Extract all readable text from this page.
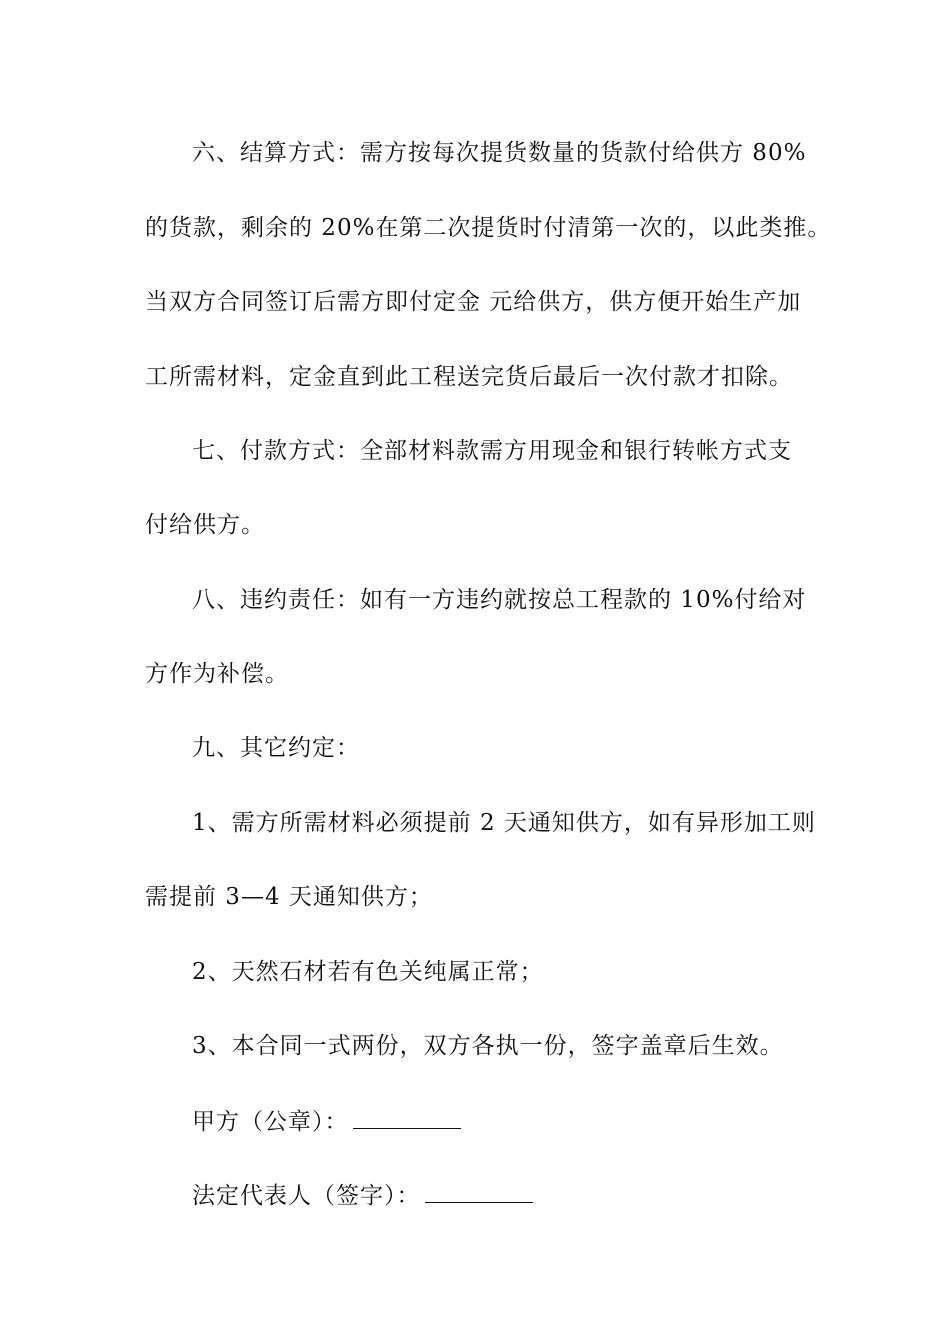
六、结算方式：需方按每次提货数量的货款付给供方 80%
的货款，剩余的 20%在第二次提货时付清第一次的，以此类推。
当双方合同签订后需方即付定金 元给供方，供方便开始生产加
工所需材料，定金直到此工程送完货后最后一次付款才扣除。
七、付款方式：全部材料款需方用现金和银行转帐方式支
付给供方。
八、违约责任：如有一方违约就按总工程款的 10%付给对
方作为补偿。
九、其它约定：
1、需方所需材料必须提前 2 天通知供方，如有异形加工则
需提前 3—4 天通知供方；
2、天然石材若有色关纯属正常；
3、本合同一式两份，双方各执一份，签字盖章后生效。
甲方（公章）：
法定代表人（签字）：
